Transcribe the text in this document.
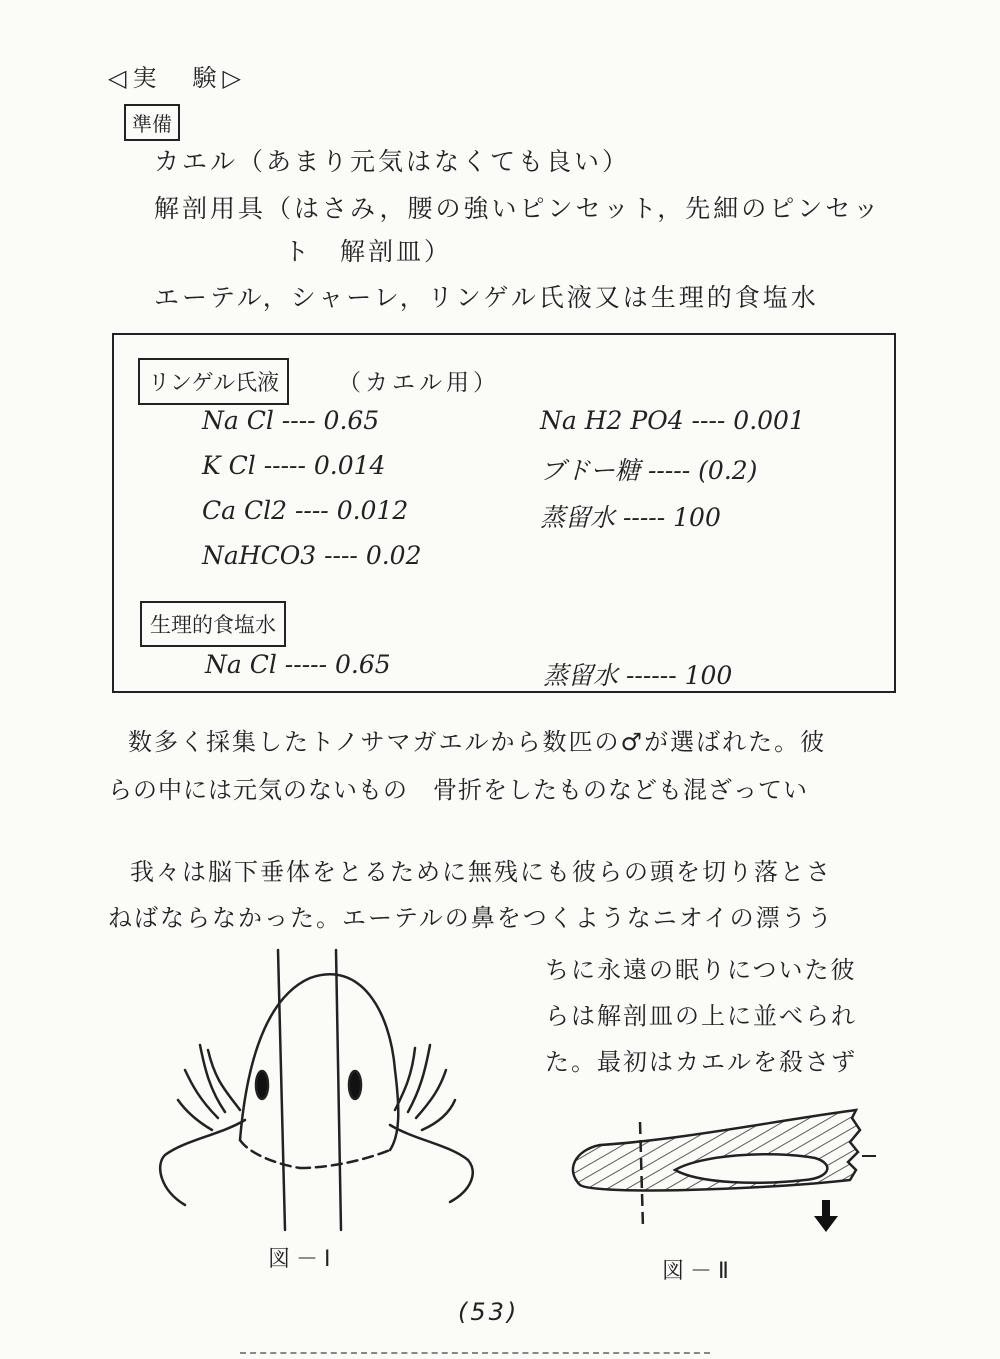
◁実　験▷
準備
カエル（あまり元気はなくても良い）
解剖用具（はさみ，腰の強いピンセット，先細のピンセッ
ト　解剖皿）
エーテル，シャーレ，リンゲル氏液又は生理的食塩水
リンゲル氏液	（カエル用）
Na Cl ---- 0.65
K Cl ----- 0.014
Ca Cl2 ---- 0.012
NaHCO3 ---- 0.02
Na H2 PO4 ---- 0.001
ブドー糖 ----- (0.2)
蒸留水 ----- 100
生理的食塩水
Na Cl ----- 0.65	蒸留水 ------ 100
数多く採集したトノサマガエルから数匹の♂が選ばれた。彼
らの中には元気のないもの　骨折をしたものなども混ざってい
我々は脳下垂体をとるために無残にも彼らの頭を切り落とさ
ねばならなかった。エーテルの鼻をつくようなニオイの漂うう
ちに永遠の眠りについた彼
らは解剖皿の上に並べられ
た。最初はカエルを殺さず
図－Ⅰ	図－Ⅱ
(53)
